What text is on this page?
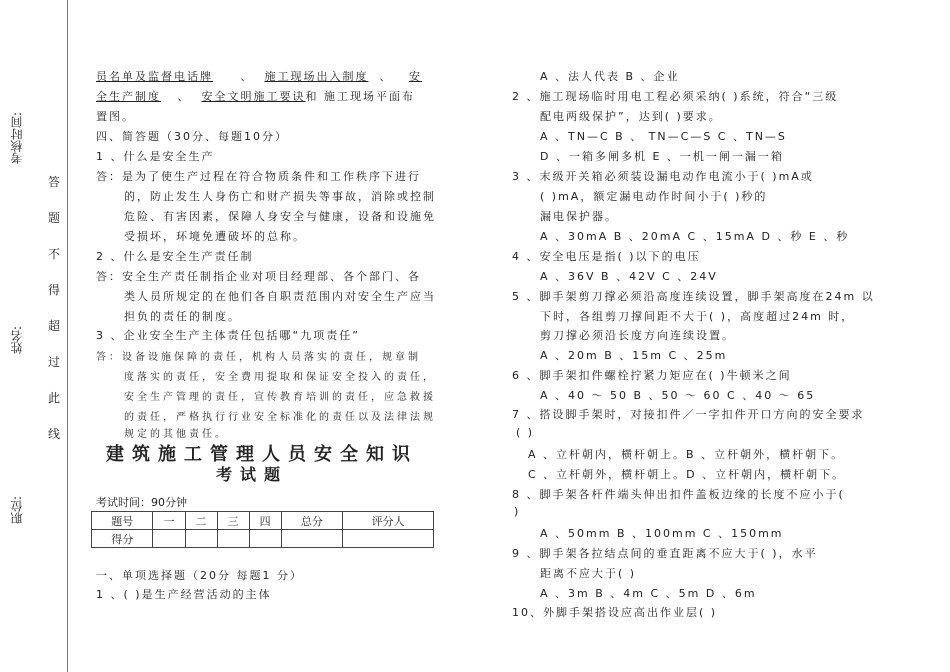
考核时间:
姓名:
职位:
答
题
不
得
超
过
此
线
员名单及监督电话牌 、 施工现场出入制度 、 安
全生产制度 、 安全文明施工要诀和 施工现场平面布
置图。
四、简答题（30分、每题10分）
1 、什么是安全生产
答：是为了使生产过程在符合物质条件和工作秩序下进行
的，防止发生人身伤亡和财产损失等事故，消除或控制
危险、有害因素，保障人身安全与健康，设备和设施免
受损坏，环境免遭破坏的总称。
2 、什么是安全生产责任制
答：安全生产责任制指企业对项目经理部、各个部门、各
类人员所规定的在他们各自职责范围内对安全生产应当
担负的责任的制度。
3 、企业安全生产主体责任包括哪“九项责任”
答：设备设施保障的责任，机构人员落实的责任，规章制
度落实的责任，安全费用提取和保证安全投入的责任，
安全生产管理的责任，宣传教育培训的责任，应急救援
的责任，严格执行行业安全标准化的责任以及法律法规
规定的其他责任。
建筑施工管理人员安全知识
考试题
考试时间：90分钟
题号	一	二	三	四	总分	评分人
得分						
一、单项选择题（20分 每题1 分）
1 、( )是生产经营活动的主体
A 、法人代表 B 、企业
2 、施工现场临时用电工程必须采纳( )系统，符合“三级
配电两级保护”，达到( )要求。
A 、TN—C B 、 TN—C—S C 、TN—S
D 、一箱多闸多机 E 、一机一闸一漏一箱
3 、末级开关箱必须装设漏电动作电流小于( )mA或
( )mA，额定漏电动作时间小于( )秒的
漏电保护器。
A 、30mA B 、20mA C 、15mA D 、秒 E 、秒
4 、安全电压是指( )以下的电压
A 、36V B 、42V C 、24V
5 、脚手架剪刀撑必须沿高度连续设置，脚手架高度在24m 以
下时，各组剪刀撑间距不大于( )，高度超过24m 时，
剪刀撑必须沿长度方向连续设置。
A 、20m B 、15m C 、25m
6 、脚手架扣件螺栓拧紧力矩应在( )牛顿米之间
A 、40 ～ 50 B 、50 ～ 60 C 、40 ～ 65
7 、搭设脚手架时，对接扣件／一字扣件开口方向的安全要求
( )
A 、立杆朝内，横杆朝上。B 、立杆朝外，横杆朝下。
C 、立杆朝外，横杆朝上。D 、立杆朝内，横杆朝下。
8 、脚手架各杆件端头伸出扣件盖板边缘的长度不应小于(
)
A 、50mm B 、100mm C 、150mm
9 、脚手架各拉结点间的垂直距离不应大于( )，水平
距离不应大于( )
A 、3m B 、4m C 、5m D 、6m
10、外脚手架搭设应高出作业层( )
